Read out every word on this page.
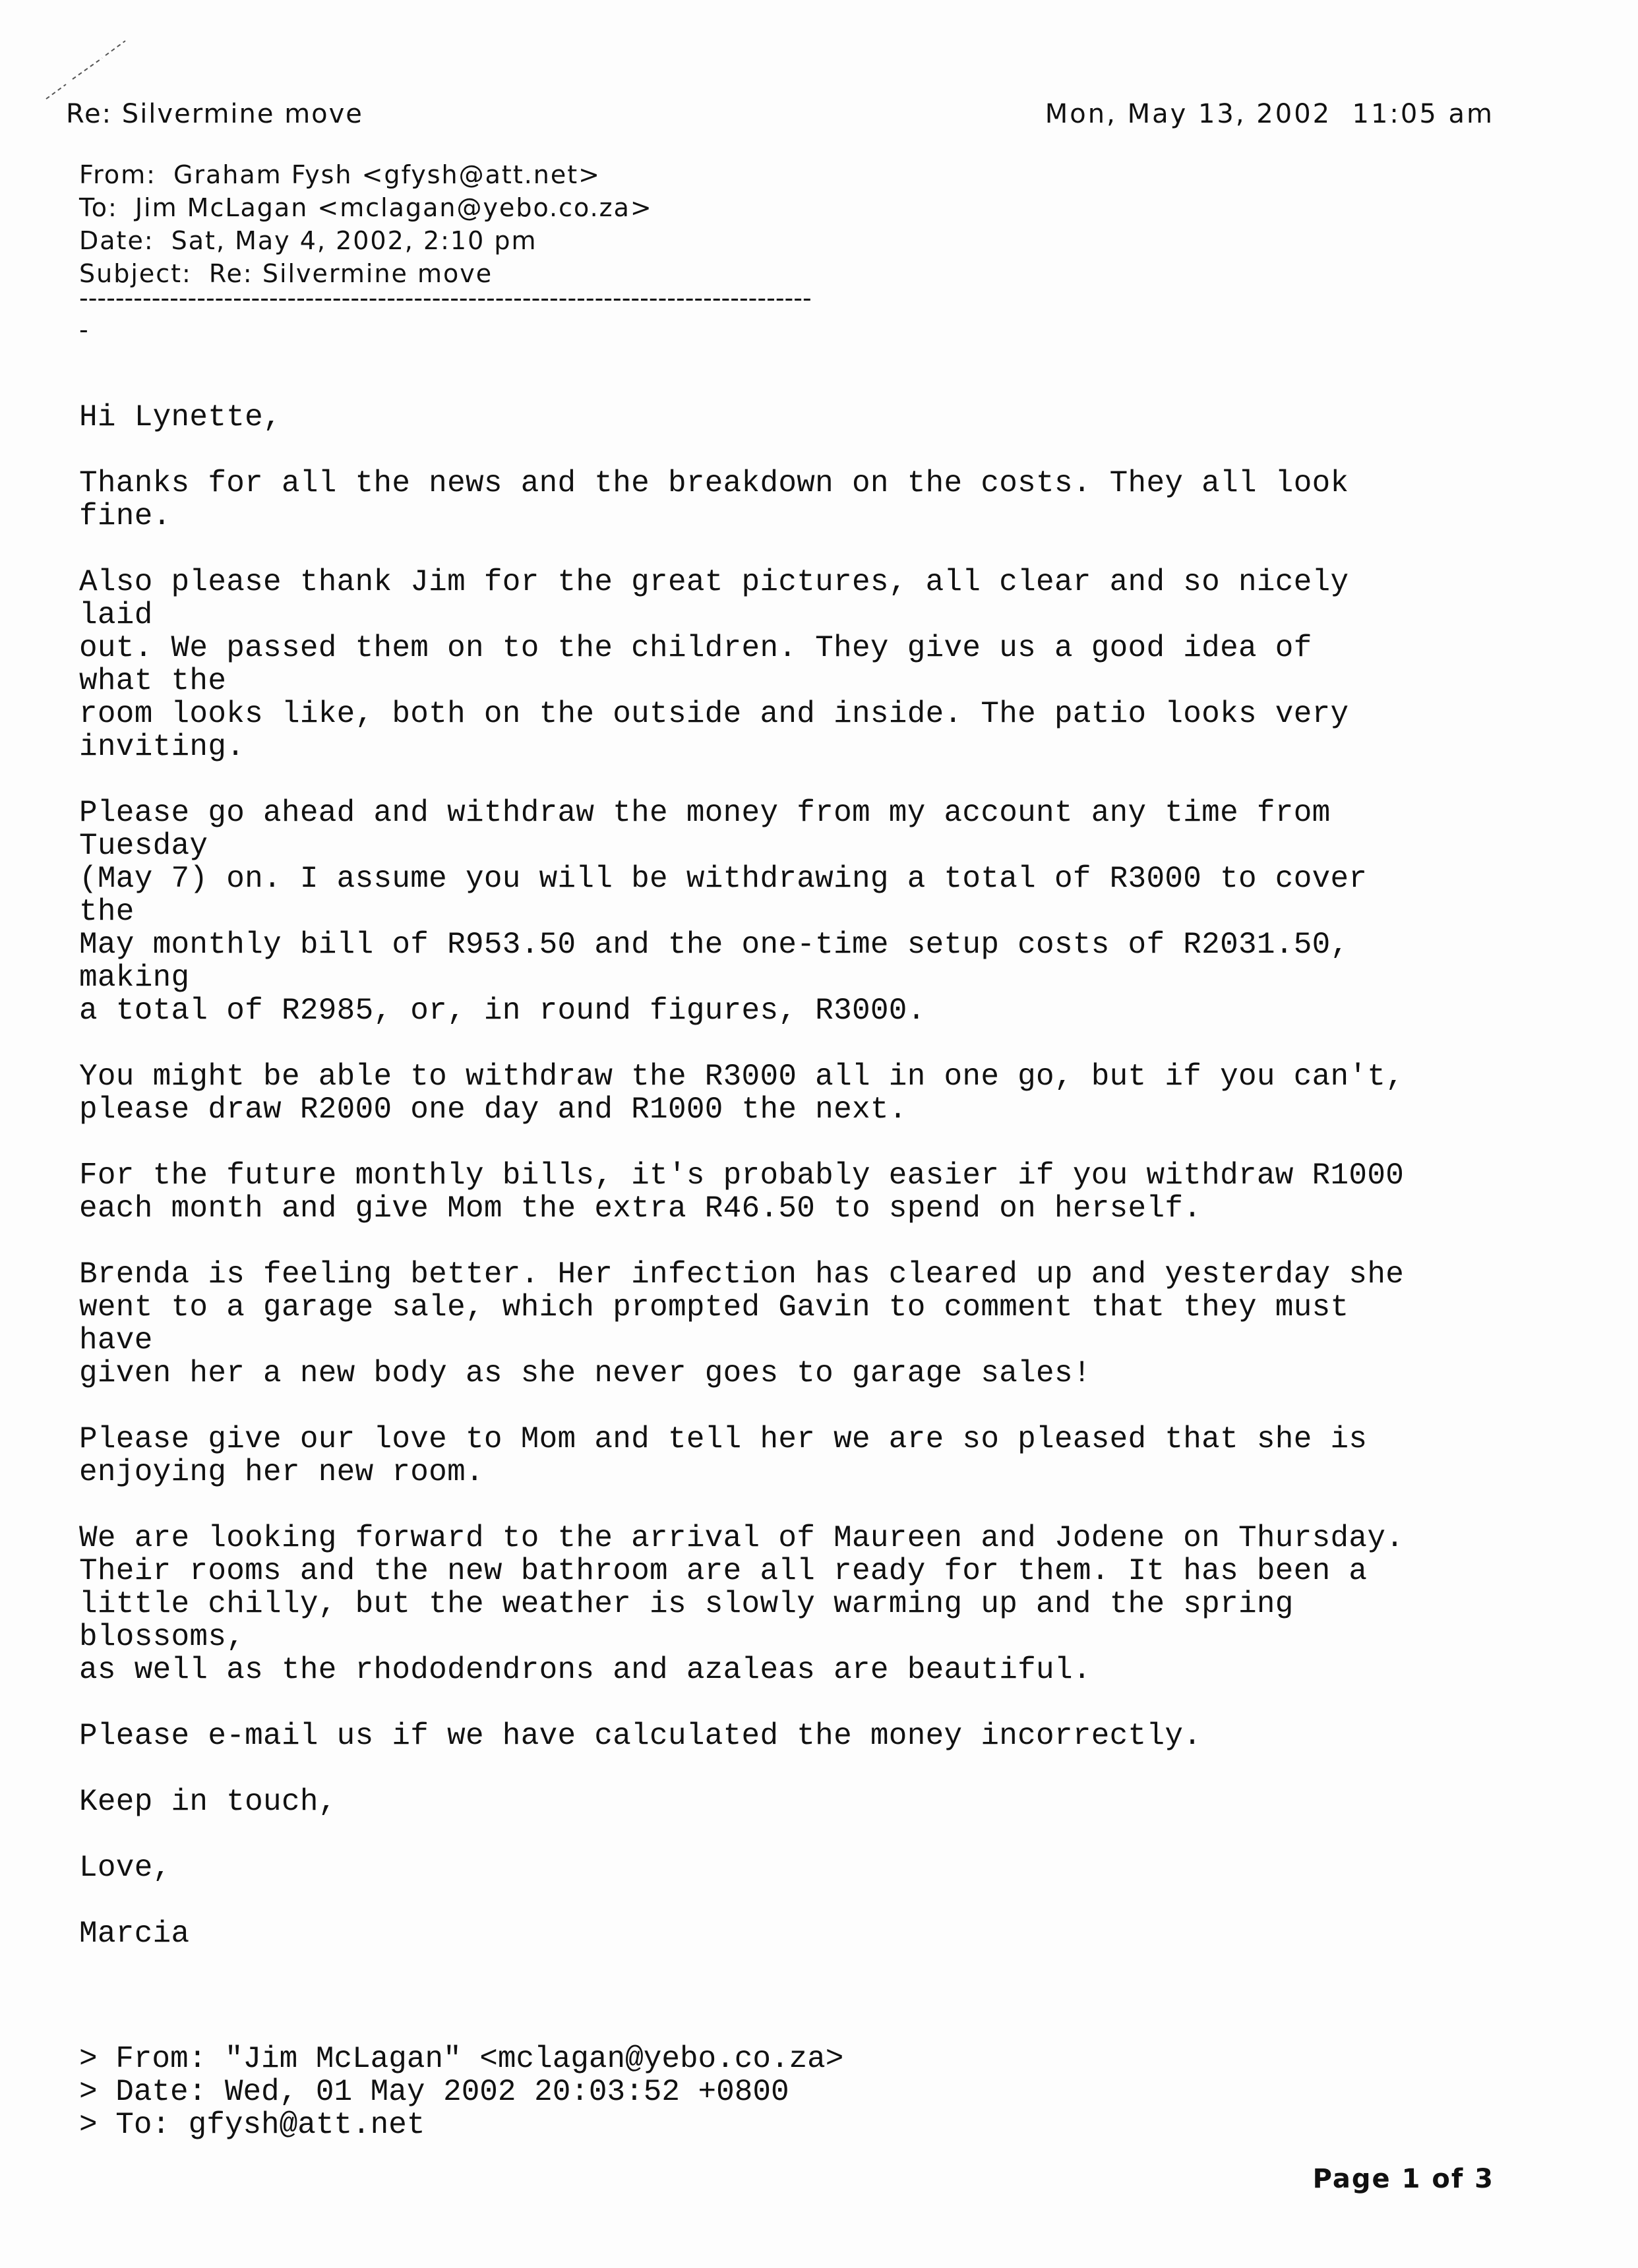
Re: Silvermine move	Mon, May 13, 2002  11:05 am
From: Graham Fysh <gfysh@att.net>
To: Jim McLagan <mclagan@yebo.co.za>
Date: Sat, May 4, 2002, 2:10 pm
Subject: Re: Silvermine move
---------------------------------------------------------------------------------
-
Hi Lynette,
Thanks for all the news and the breakdown on the costs. They all look
fine.
Also please thank Jim for the great pictures, all clear and so nicely
laid
out. We passed them on to the children. They give us a good idea of
what the
room looks like, both on the outside and inside. The patio looks very
inviting.
Please go ahead and withdraw the money from my account any time from
Tuesday
(May 7) on. I assume you will be withdrawing a total of R3000 to cover
the
May monthly bill of R953.50 and the one-time setup costs of R2031.50,
making
a total of R2985, or, in round figures, R3000.
You might be able to withdraw the R3000 all in one go, but if you can't,
please draw R2000 one day and R1000 the next.
For the future monthly bills, it's probably easier if you withdraw R1000
each month and give Mom the extra R46.50 to spend on herself.
Brenda is feeling better. Her infection has cleared up and yesterday she
went to a garage sale, which prompted Gavin to comment that they must
have
given her a new body as she never goes to garage sales!
Please give our love to Mom and tell her we are so pleased that she is
enjoying her new room.
We are looking forward to the arrival of Maureen and Jodene on Thursday.
Their rooms and the new bathroom are all ready for them. It has been a
little chilly, but the weather is slowly warming up and the spring
blossoms,
as well as the rhododendrons and azaleas are beautiful.
Please e-mail us if we have calculated the money incorrectly.
Keep in touch,
Love,
Marcia
> From: "Jim McLagan" <mclagan@yebo.co.za>
> Date: Wed, 01 May 2002 20:03:52 +0800
> To: gfysh@att.net
Page 1 of 3
